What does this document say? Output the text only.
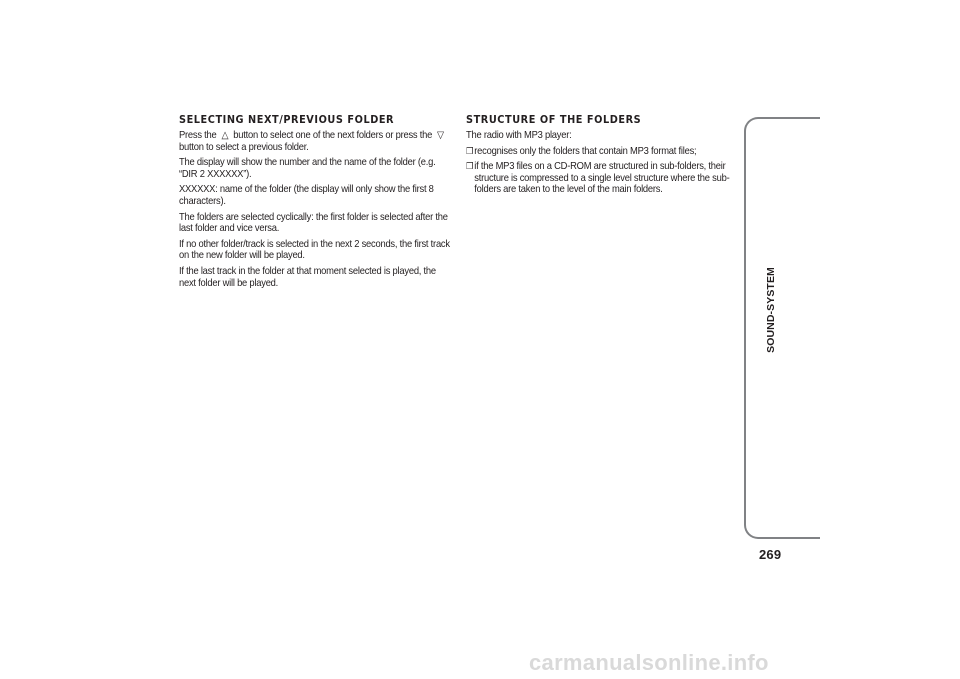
SELECTING NEXT/PREVIOUS FOLDER

Press the △ button to select one of the next folders or press the ▽ button to select a previous folder.

The display will show the number and the name of the folder (e.g. “DIR 2 XXXXXX”).

XXXXXX: name of the folder (the display will only show the first 8 characters).

The folders are selected cyclically: the first folder is selected after the last folder and vice versa.

If no other folder/track is selected in the next 2 seconds, the first track on the new folder will be played.

If the last track in the folder at that moment selected is played, the next folder will be played.

STRUCTURE OF THE FOLDERS

The radio with MP3 player:

❒ recognises only the folders that contain MP3 format files;
❒ if the MP3 files on a CD-ROM are structured in sub-folders, their structure is compressed to a single level structure where the sub-folders are taken to the level of the main folders.
SOUND-SYSTEM
269
carmanualsonline.info
